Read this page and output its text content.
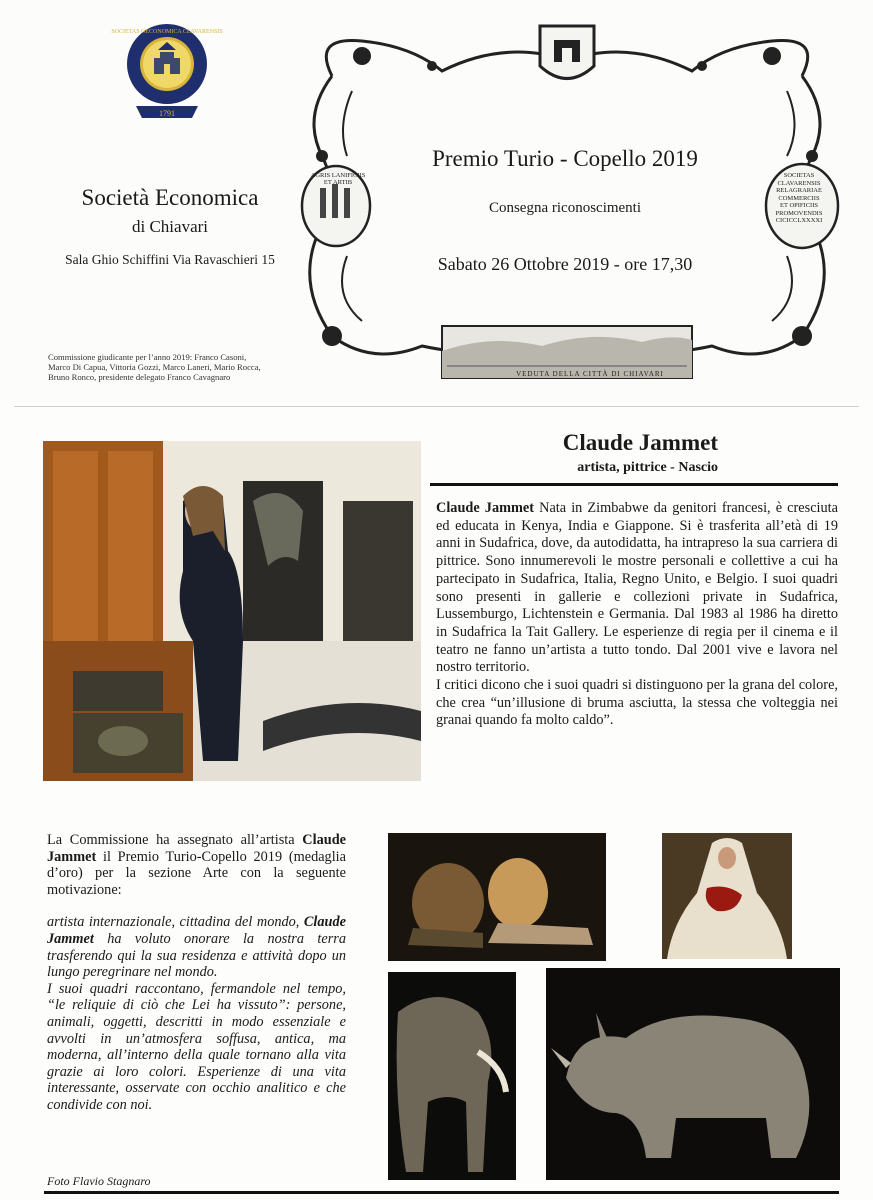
1791
SOCIETAS OECONOMICA CLAVARENSIS
Società Economica
di Chiavari
Sala Ghio Schiffini Via Ravaschieri 15
Commissione giudicante per l’anno 2019: Franco Casoni,
Marco Di Capua, Vittoria Gozzi, Marco Laneri, Mario Rocca,
Bruno Ronco, presidente delegato Franco Cavagnaro
AGRIS LANIFICIIS ET ARTIB
SOCIETAS
CLAVARENSIS
RELAGRARIAE
COMMERCIIS
ET OPIFICIIS
PROMOVENDIS
CICICCLXXXXI
VEDUTA DELLA CITTÀ DI CHIAVARI
Premio Turio - Copello 2019
Consegna riconoscimenti
Sabato 26 Ottobre 2019 - ore 17,30
Claude Jammet
artista, pittrice - Nascio

Claude Jammet Nata in Zimbabwe da genitori francesi, è cresciuta ed educata in Kenya, India e Giappone. Si è trasferita all’età di 19 anni in Sudafrica, dove, da autodidatta, ha intrapreso la sua carriera di pittrice. Sono innumerevoli le mostre personali e collettive a cui ha partecipato in Sudafrica, Italia, Regno Unito, e Belgio. I suoi quadri sono presenti in gallerie e collezioni private in Sudafrica, Lussemburgo, Lichtenstein e Germania. Dal 1983 al 1986 ha diretto in Sudafrica la Tait Gallery. Le esperienze di regia per il cinema e il teatro ne fanno un’artista a tutto tondo. Dal 2001 vive e lavora nel nostro territorio.

I critici dicono che i suoi quadri si distinguono per la grana del colore, che crea “un’illusione di bruma asciutta, la stessa che volteggia nei granai quando fa molto caldo”.

La Commissione ha assegnato all’artista Claude Jammet il Premio Turio-Copello 2019 (medaglia d’oro) per la sezione Arte con la seguente motivazione:

artista internazionale, cittadina del mondo, Claude Jammet ha voluto onorare la nostra terra trasferendo qui la sua residenza e attività dopo un lungo peregrinare nel mondo.

I suoi quadri raccontano, fermandole nel tempo, “le reliquie di ciò che Lei ha vissuto”: persone, animali, oggetti, descritti in modo essenziale e avvolti in un’atmosfera soffusa, antica, ma moderna, all’interno della quale tornano alla vita grazie ai loro colori. Esperienze di una vita interessante, osservate con occhio analitico e che condivide con noi.

Foto Flavio Stagnaro
